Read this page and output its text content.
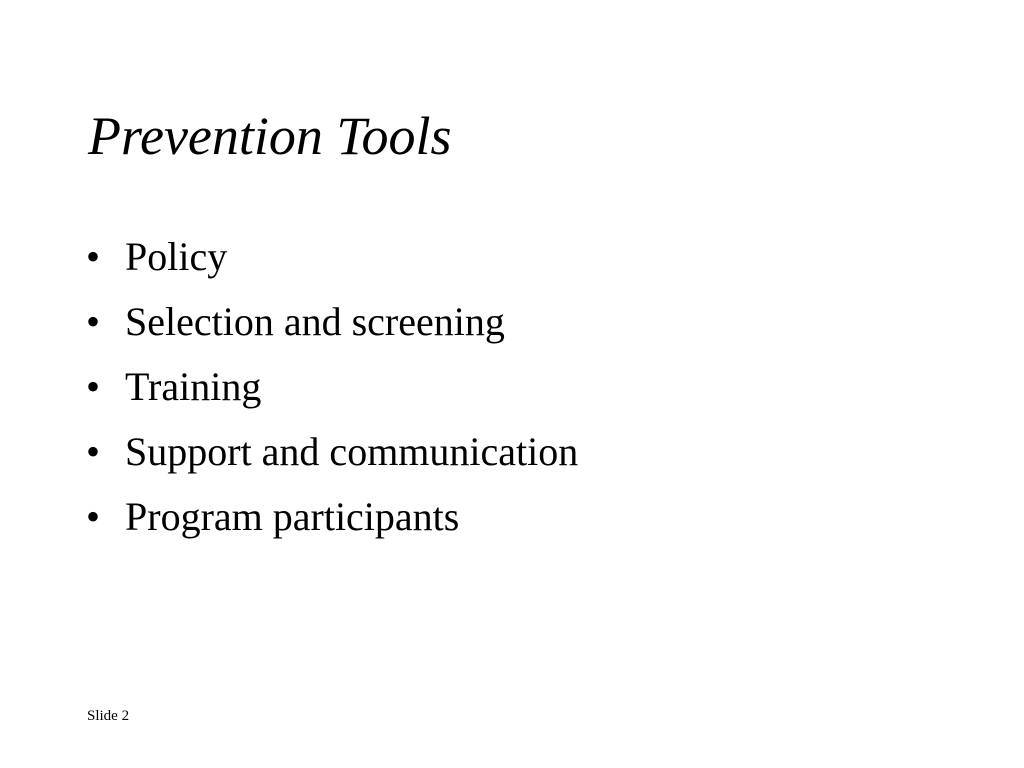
Prevention Tools
• Policy
• Selection and screening
• Training
• Support and communication
• Program participants
Slide 2
